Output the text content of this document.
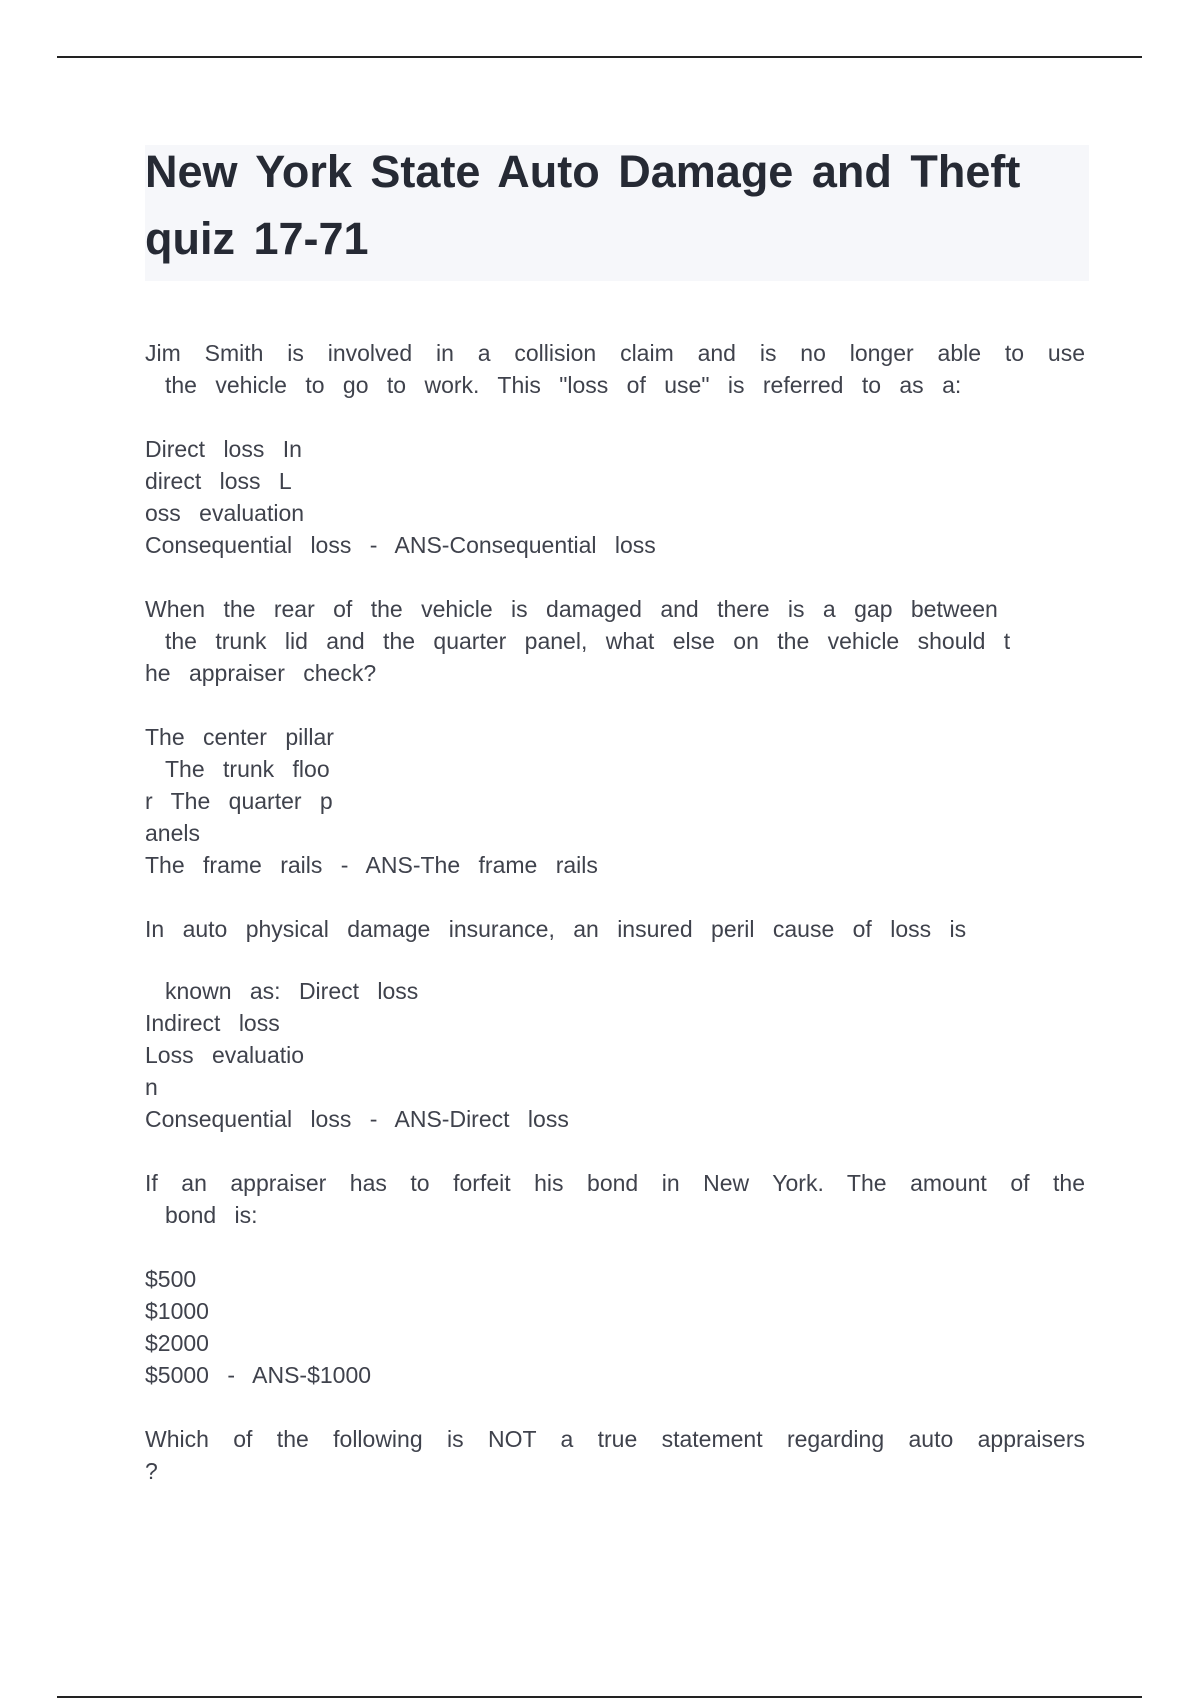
New York State Auto Damage and Theft
quiz 17-71
Jim Smith is involved in a collision claim and is no longer able to use
the vehicle to go to work. This "loss of use" is referred to as a:
Direct loss In
direct loss L
oss evaluation
Consequential loss - ANS-Consequential loss
When the rear of the vehicle is damaged and there is a gap between
the trunk lid and the quarter panel, what else on the vehicle should t
he appraiser check?
The center pillar
The trunk floo
r The quarter p
anels
The frame rails - ANS-The frame rails
In auto physical damage insurance, an insured peril cause of loss is
known as: Direct loss
Indirect loss
Loss evaluatio
n
Consequential loss - ANS-Direct loss
If an appraiser has to forfeit his bond in New York. The amount of the
bond is:
$500
$1000
$2000
$5000 - ANS-$1000
Which of the following is NOT a true statement regarding auto appraisers
?
